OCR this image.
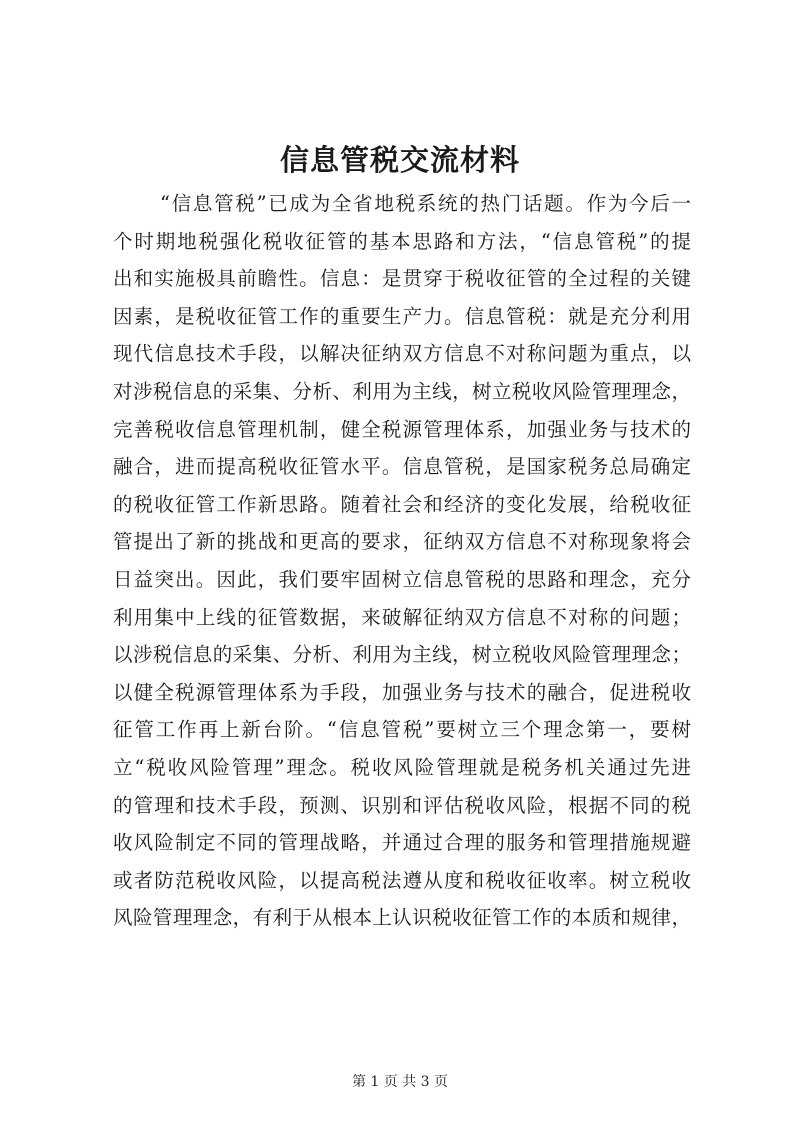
信息管税交流材料
“信息管税”已成为全省地税系统的热门话题。作为今后一
个时期地税强化税收征管的基本思路和方法，“信息管税”的提
出和实施极具前瞻性。信息：是贯穿于税收征管的全过程的关键
因素，是税收征管工作的重要生产力。信息管税：就是充分利用
现代信息技术手段，以解决征纳双方信息不对称问题为重点，以
对涉税信息的采集、分析、利用为主线，树立税收风险管理理念，
完善税收信息管理机制，健全税源管理体系，加强业务与技术的
融合，进而提高税收征管水平。信息管税，是国家税务总局确定
的税收征管工作新思路。随着社会和经济的变化发展，给税收征
管提出了新的挑战和更高的要求，征纳双方信息不对称现象将会
日益突出。因此，我们要牢固树立信息管税的思路和理念，充分
利用集中上线的征管数据，来破解征纳双方信息不对称的问题；
以涉税信息的采集、分析、利用为主线，树立税收风险管理理念；
以健全税源管理体系为手段，加强业务与技术的融合，促进税收
征管工作再上新台阶。“信息管税”要树立三个理念第一，要树
立“税收风险管理”理念。税收风险管理就是税务机关通过先进
的管理和技术手段，预测、识别和评估税收风险，根据不同的税
收风险制定不同的管理战略，并通过合理的服务和管理措施规避
或者防范税收风险，以提高税法遵从度和税收征收率。树立税收
风险管理理念，有利于从根本上认识税收征管工作的本质和规律，
第 1 页 共 3 页
